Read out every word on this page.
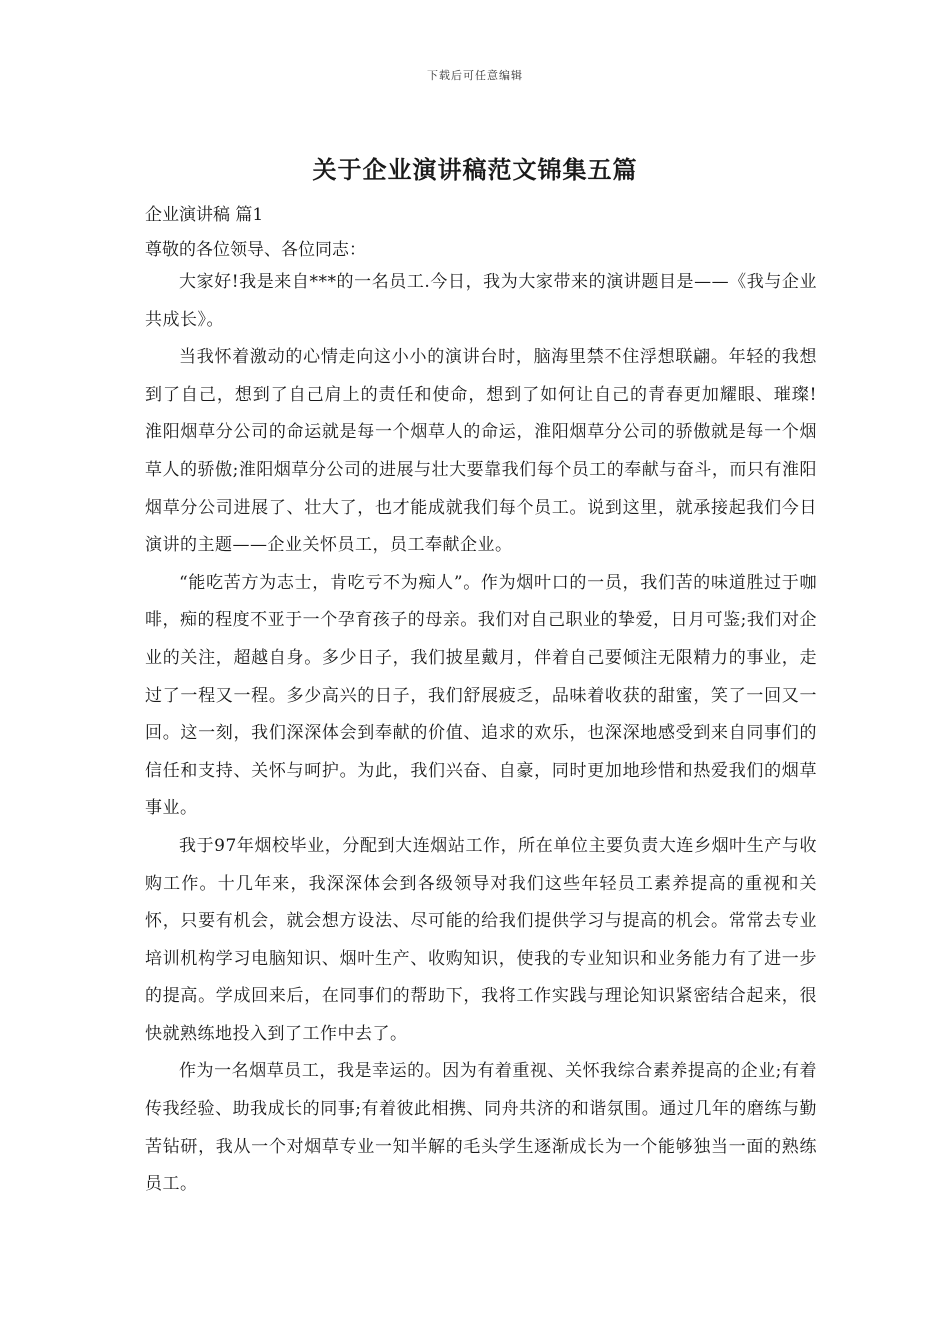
下载后可任意编辑
关于企业演讲稿范文锦集五篇
企业演讲稿 篇1
尊敬的各位领导、各位同志：

大家好!我是来自***的一名员工.今日，我为大家带来的演讲题目是——《我与企业共成长》。

当我怀着激动的心情走向这小小的演讲台时，脑海里禁不住浮想联翩。年轻的我想到了自己，想到了自己肩上的责任和使命，想到了如何让自己的青春更加耀眼、璀璨!淮阳烟草分公司的命运就是每一个烟草人的命运，淮阳烟草分公司的骄傲就是每一个烟草人的骄傲;淮阳烟草分公司的进展与壮大要靠我们每个员工的奉献与奋斗，而只有淮阳烟草分公司进展了、壮大了，也才能成就我们每个员工。说到这里，就承接起我们今日演讲的主题——企业关怀员工，员工奉献企业。

“能吃苦方为志士，肯吃亏不为痴人”。作为烟叶口的一员，我们苦的味道胜过于咖啡，痴的程度不亚于一个孕育孩子的母亲。我们对自己职业的挚爱，日月可鉴;我们对企业的关注，超越自身。多少日子，我们披星戴月，伴着自己要倾注无限精力的事业，走过了一程又一程。多少高兴的日子，我们舒展疲乏，品味着收获的甜蜜，笑了一回又一回。这一刻，我们深深体会到奉献的价值、追求的欢乐，也深深地感受到来自同事们的信任和支持、关怀与呵护。为此，我们兴奋、自豪，同时更加地珍惜和热爱我们的烟草事业。

我于97年烟校毕业，分配到大连烟站工作，所在单位主要负责大连乡烟叶生产与收购工作。十几年来，我深深体会到各级领导对我们这些年轻员工素养提高的重视和关怀，只要有机会，就会想方设法、尽可能的给我们提供学习与提高的机会。常常去专业培训机构学习电脑知识、烟叶生产、收购知识，使我的专业知识和业务能力有了进一步的提高。学成回来后，在同事们的帮助下，我将工作实践与理论知识紧密结合起来，很快就熟练地投入到了工作中去了。

作为一名烟草员工，我是幸运的。因为有着重视、关怀我综合素养提高的企业;有着传我经验、助我成长的同事;有着彼此相携、同舟共济的和谐氛围。通过几年的磨练与勤苦钻研，我从一个对烟草专业一知半解的毛头学生逐渐成长为一个能够独当一面的熟练员工。
